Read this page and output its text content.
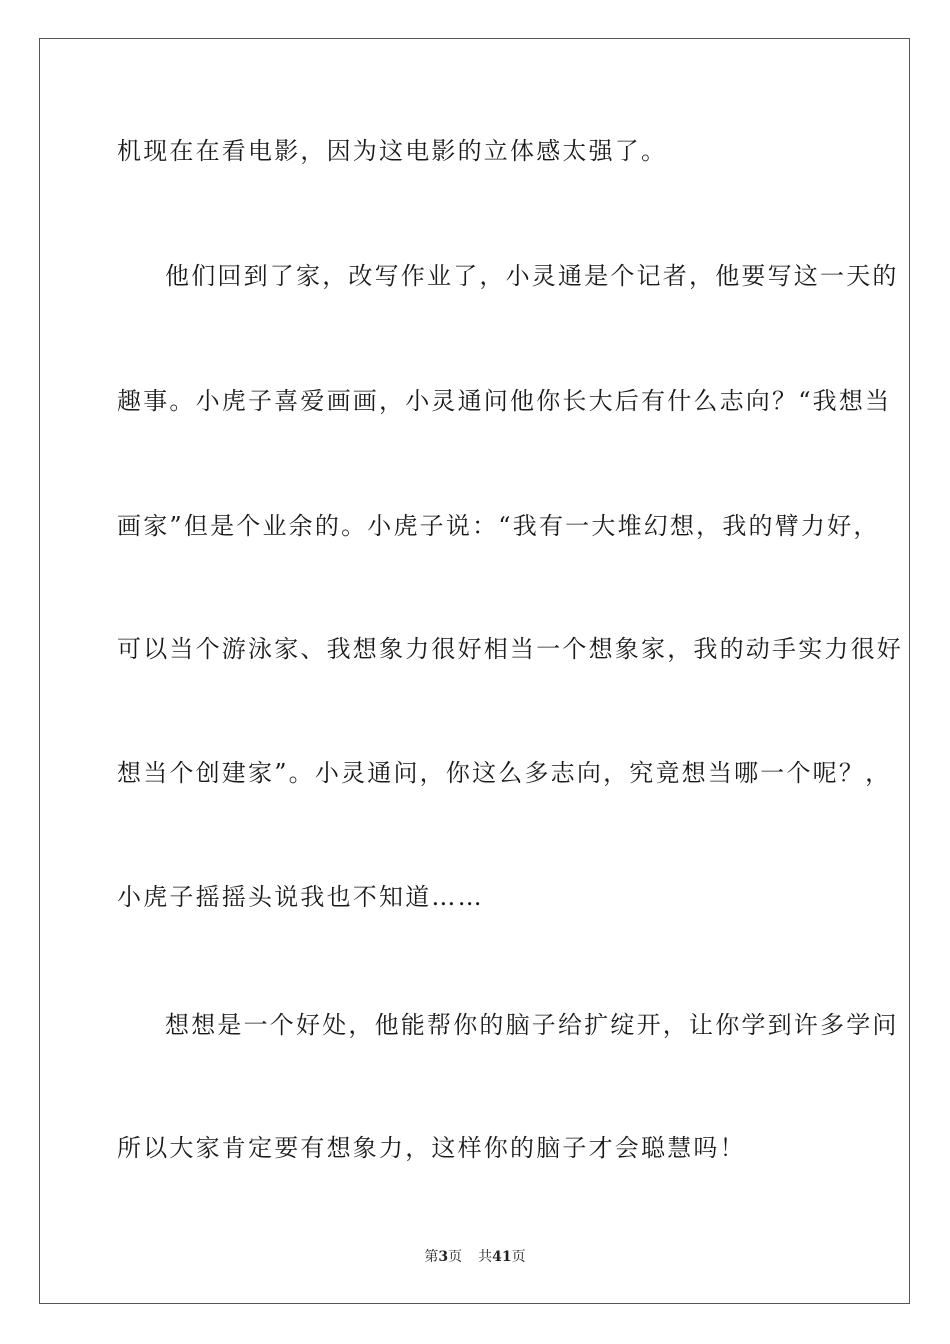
机现在在看电影，因为这电影的立体感太强了。
他们回到了家，改写作业了，小灵通是个记者，他要写这一天的
趣事。小虎子喜爱画画，小灵通问他你长大后有什么志向？“我想当
画家”但是个业余的。小虎子说：“我有一大堆幻想，我的臂力好，
可以当个游泳家、我想象力很好相当一个想象家，我的动手实力很好
想当个创建家”。小灵通问，你这么多志向，究竟想当哪一个呢？，
小虎子摇摇头说我也不知道……
想想是一个好处，他能帮你的脑子给扩绽开，让你学到许多学问
所以大家肯定要有想象力，这样你的脑子才会聪慧吗！
第3页 共41页
